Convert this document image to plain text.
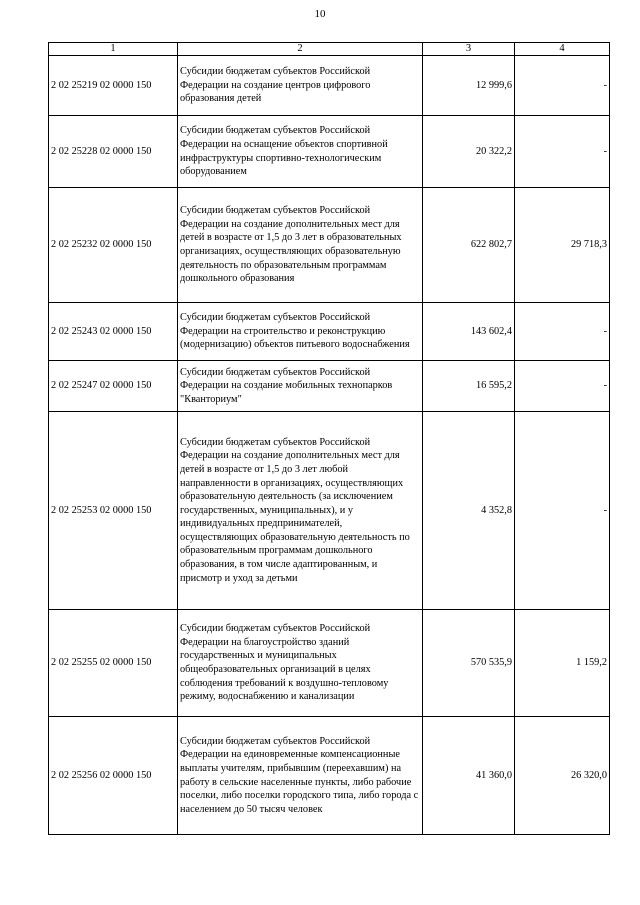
10
1	2	3	4
2 02 25219 02 0000 150	Субсидии бюджетам субъектов Российской Федерации на создание центров цифрового образования детей	12 999,6	-
2 02 25228 02 0000 150	Субсидии бюджетам субъектов Российской Федерации на оснащение объектов спортивной инфраструктуры спортивно-технологическим оборудованием	20 322,2	-
2 02 25232 02 0000 150	Субсидии бюджетам субъектов Российской Федерации на создание дополнительных мест для детей в возрасте от 1,5 до 3 лет в образовательных организациях, осуществляющих образовательную деятельность по образовательным программам дошкольного образования	622 802,7	29 718,3
2 02 25243 02 0000 150	Субсидии бюджетам субъектов Российской Федерации на строительство и реконструкцию (модернизацию) объектов питьевого водоснабжения	143 602,4	-
2 02 25247 02 0000 150	Субсидии бюджетам субъектов Российской Федерации на создание мобильных технопарков "Кванториум"	16 595,2	-
2 02 25253 02 0000 150	Субсидии бюджетам субъектов Российской Федерации на создание дополнительных мест для детей в возрасте от 1,5 до 3 лет любой направленности в организациях, осуществляющих образовательную деятельность (за исключением государственных, муниципальных), и у индивидуальных предпринимателей, осуществляющих образовательную деятельность по образовательным программам дошкольного образования, в том числе адаптированным, и присмотр и уход за детьми	4 352,8	-
2 02 25255 02 0000 150	Субсидии бюджетам субъектов Российской Федерации на благоустройство зданий государственных и муниципальных общеобразовательных организаций в целях соблюдения требований к воздушно-тепловому режиму, водоснабжению и канализации	570 535,9	1 159,2
2 02 25256 02 0000 150	Субсидии бюджетам субъектов Российской Федерации на единовременные компенсационные выплаты учителям, прибывшим (переехавшим) на работу в сельские населенные пункты, либо рабочие поселки, либо поселки городского типа, либо города с населением до 50 тысяч человек	41 360,0	26 320,0
